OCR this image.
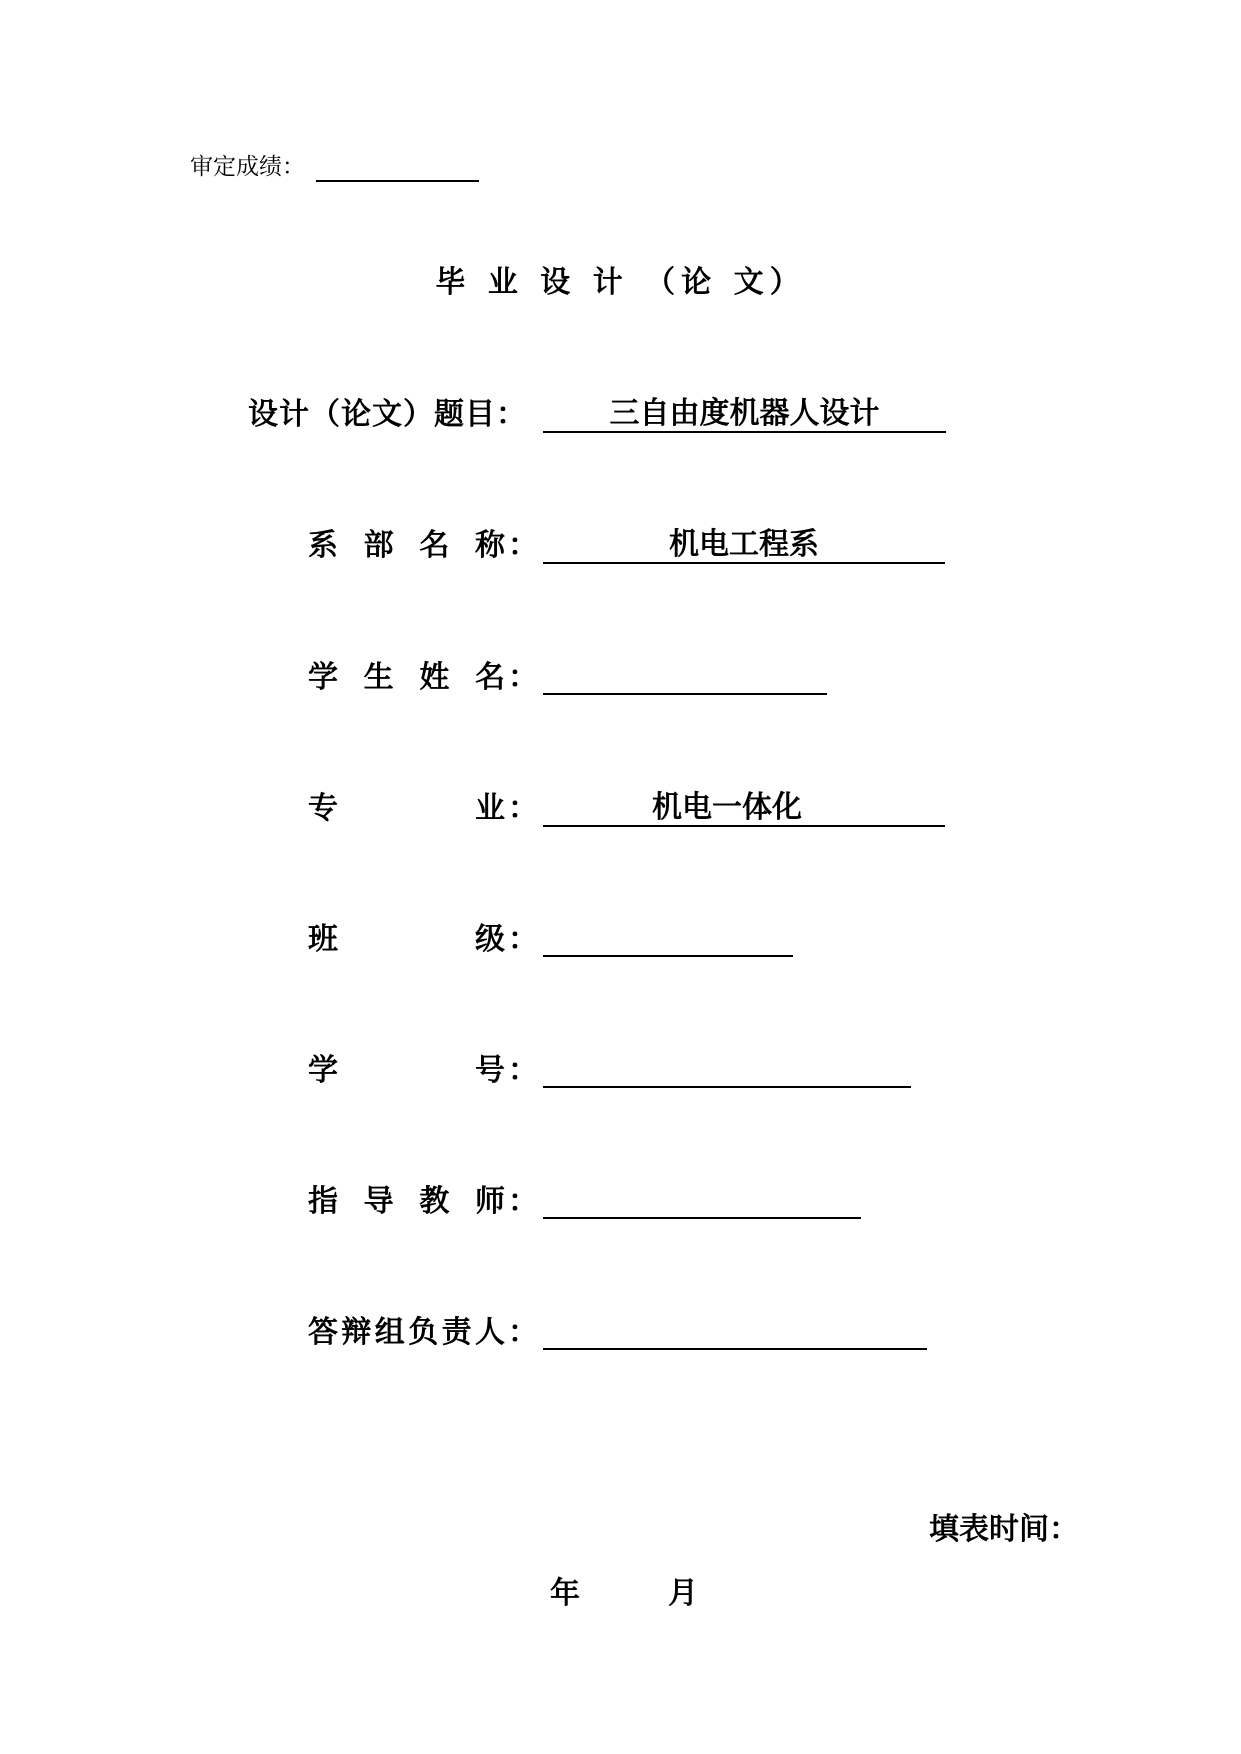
审定成绩：
毕 业 设 计 （论 文）
设计（论文）题目：	三自由度机器人设计
系 部 名 称 ：	机电工程系
学 生 姓 名 ：
专 业 ：	机电一体化
班 级 ：
学 号 ：
指 导 教 师 ：
答辩组负责人 ：
填表时间：
年	月
